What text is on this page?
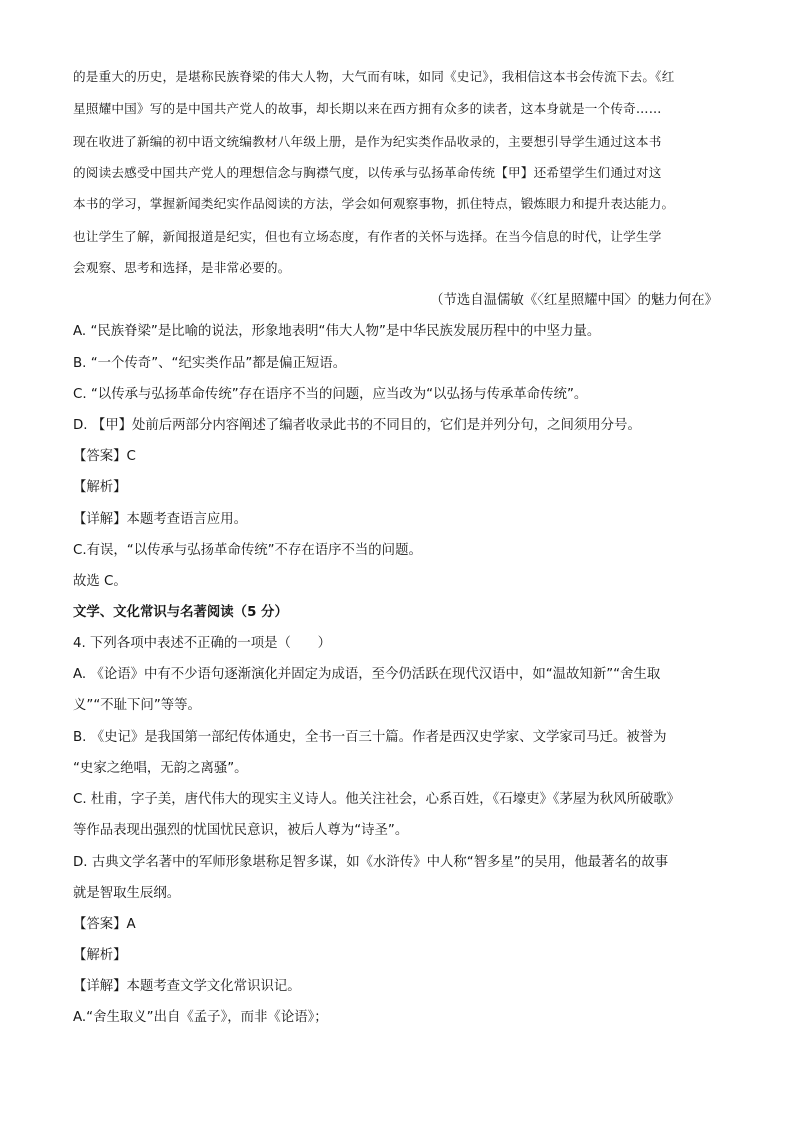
的是重大的历史，是堪称民族脊梁的伟大人物，大气而有味，如同《史记》，我相信这本书会传流下去。《红
星照耀中国》写的是中国共产党人的故事，却长期以来在西方拥有众多的读者，这本身就是一个传奇……
现在收进了新编的初中语文统编教材八年级上册，是作为纪实类作品收录的，主要想引导学生通过这本书
的阅读去感受中国共产党人的理想信念与胸襟气度，以传承与弘扬革命传统【甲】还希望学生们通过对这
本书的学习，掌握新闻类纪实作品阅读的方法，学会如何观察事物，抓住特点，锻炼眼力和提升表达能力。
也让学生了解，新闻报道是纪实，但也有立场态度，有作者的关怀与选择。在当今信息的时代，让学生学
会观察、思考和选择，是非常必要的。
（节选自温儒敏《〈红星照耀中国〉的魅力何在》
A. “民族脊梁”是比喻的说法，形象地表明“伟大人物”是中华民族发展历程中的中坚力量。
B. “一个传奇”、“纪实类作品”都是偏正短语。
C. “以传承与弘扬革命传统”存在语序不当的问题，应当改为“以弘扬与传承革命传统”。
D. 【甲】处前后两部分内容阐述了编者收录此书的不同目的，它们是并列分句，之间须用分号。
【答案】C
【解析】
【详解】本题考查语言应用。
C.有误，“以传承与弘扬革命传统”不存在语序不当的问题。
故选 C。
文学、文化常识与名著阅读（5 分）
4. 下列各项中表述不正确的一项是（　　）
A. 《论语》中有不少语句逐渐演化并固定为成语，至今仍活跃在现代汉语中，如“温故知新”“舍生取
义”“不耻下问”等等。
B. 《史记》是我国第一部纪传体通史，全书一百三十篇。作者是西汉史学家、文学家司马迁。被誉为
“史家之绝唱，无韵之离骚”。
C. 杜甫，字子美，唐代伟大的现实主义诗人。他关注社会，心系百姓，《石壕吏》《茅屋为秋风所破歌》
等作品表现出强烈的忧国忧民意识，被后人尊为“诗圣”。
D. 古典文学名著中的军师形象堪称足智多谋，如《水浒传》中人称“智多星”的吴用，他最著名的故事
就是智取生辰纲。
【答案】A
【解析】
【详解】本题考查文学文化常识识记。
A.“舍生取义”出自《孟子》，而非《论语》；
